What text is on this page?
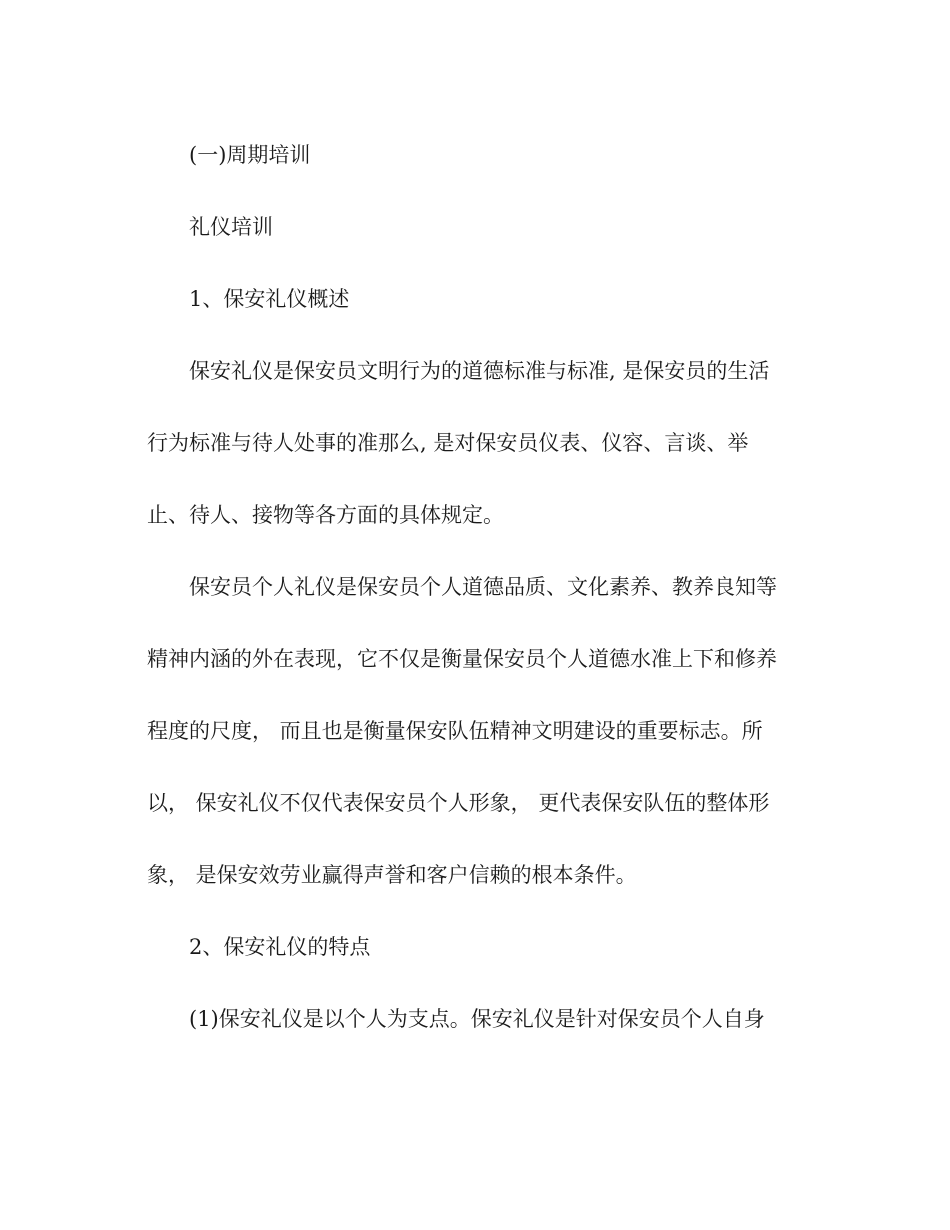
(一)周期培训
礼仪培训
1、保安礼仪概述
保安礼仪是保安员文明行为的道德标准与标准, 是保安员的生活
行为标准与待人处事的准那么, 是对保安员仪表、仪容、言谈、举
止、待人、接物等各方面的具体规定。
保安员个人礼仪是保安员个人道德品质、文化素养、教养良知等
精神内涵的外在表现，它不仅是衡量保安员个人道德水准上下和修养
程度的尺度， 而且也是衡量保安队伍精神文明建设的重要标志。所
以， 保安礼仪不仅代表保安员个人形象， 更代表保安队伍的整体形
象， 是保安效劳业赢得声誉和客户信赖的根本条件。
2、保安礼仪的特点
(1)保安礼仪是以个人为支点。保安礼仪是针对保安员个人自身
